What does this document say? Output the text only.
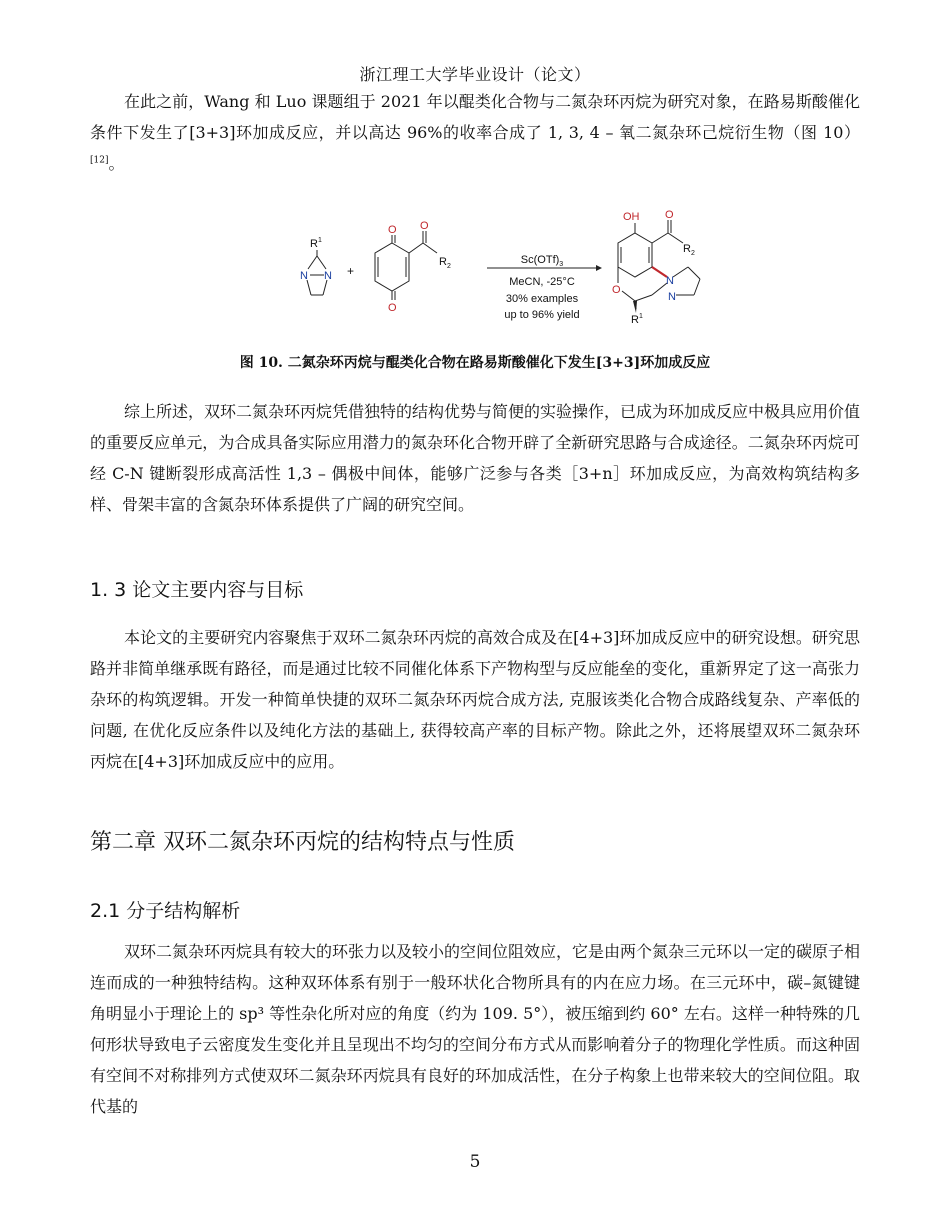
浙江理工大学毕业设计（论文）

在此之前，Wang 和 Luo 课题组于 2021 年以醌类化合物与二氮杂环丙烷为研究对象，在路易斯酸催化条件下发生了[3+3]环加成反应，并以高达 96%的收率合成了 1, 3, 4 – 氧二氮杂环己烷衍生物（图 10）[12]。

$R^1$
N N +
O
O
O
$R_2$
$Sc(OTf)_3$
MeCN, -25°C
30% examples
up to 96% yield
OH O
$R_2$
N
N
O
$R^1$
图 10. 二氮杂环丙烷与醌类化合物在路易斯酸催化下发生[3+3]环加成反应

综上所述，双环二氮杂环丙烷凭借独特的结构优势与简便的实验操作，已成为环加成反应中极具应用价值的重要反应单元，为合成具备实际应用潜力的氮杂环化合物开辟了全新研究思路与合成途径。二氮杂环丙烷可经 C-N 键断裂形成高活性 1,3 – 偶极中间体，能够广泛参与各类［3+n］环加成反应，为高效构筑结构多样、骨架丰富的含氮杂环体系提供了广阔的研究空间。

1. 3 论文主要内容与目标

本论文的主要研究内容聚焦于双环二氮杂环丙烷的高效合成及在[4+3]环加成反应中的研究设想。研究思路并非简单继承既有路径，而是通过比较不同催化体系下产物构型与反应能垒的变化，重新界定了这一高张力杂环的构筑逻辑。开发一种简单快捷的双环二氮杂环丙烷合成方法, 克服该类化合物合成路线复杂、产率低的问题, 在优化反应条件以及纯化方法的基础上, 获得较高产率的目标产物。除此之外，还将展望双环二氮杂环丙烷在[4+3]环加成反应中的应用。

第二章 双环二氮杂环丙烷的结构特点与性质
2.1 分子结构解析

双环二氮杂环丙烷具有较大的环张力以及较小的空间位阻效应，它是由两个氮杂三元环以一定的碳原子相连而成的一种独特结构。这种双环体系有别于一般环状化合物所具有的内在应力场。在三元环中，碳–氮键键角明显小于理论上的 sp³ 等性杂化所对应的角度（约为 109. 5°），被压缩到约 60° 左右。这样一种特殊的几何形状导致电子云密度发生变化并且呈现出不均匀的空间分布方式从而影响着分子的物理化学性质。而这种固有空间不对称排列方式使双环二氮杂环丙烷具有良好的环加成活性，在分子构象上也带来较大的空间位阻。取代基的

5
